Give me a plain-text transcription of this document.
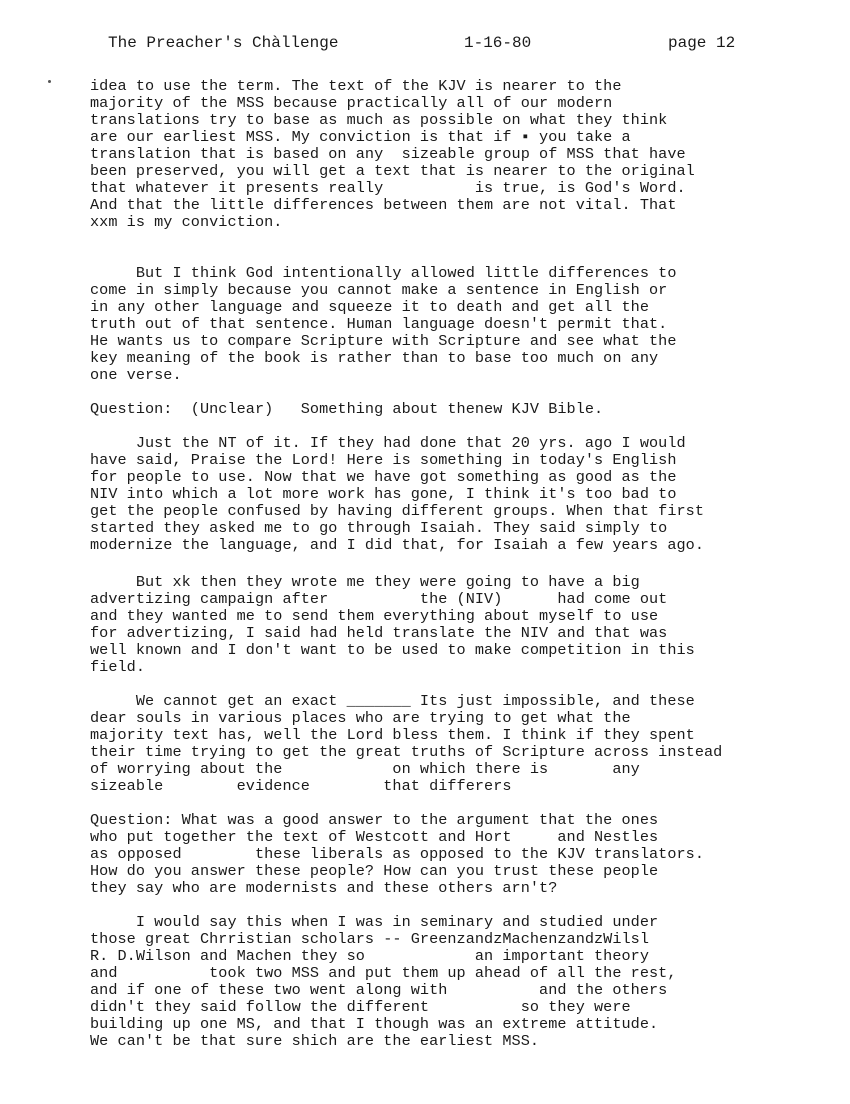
The Preacher's Chàllenge	1-16-80	page 12
idea to use the term. The text of the KJV is nearer to the
majority of the MSS because practically all of our modern
translations try to base as much as possible on what they think
are our earliest MSS. My conviction is that if ▪ you take a
translation that is based on any  sizeable group of MSS that have
been preserved, you will get a text that is nearer to the original
that whatever it presents really          is true, is God's Word.
And that the little differences between them are not vital. That
xxm is my conviction.
But I think God intentionally allowed little differences to
come in simply because you cannot make a sentence in English or
in any other language and squeeze it to death and get all the
truth out of that sentence. Human language doesn't permit that.
He wants us to compare Scripture with Scripture and see what the
key meaning of the book is rather than to base too much on any
one verse.
Question:  (Unclear)   Something about thenew KJV Bible.
Just the NT of it. If they had done that 20 yrs. ago I would
have said, Praise the Lord! Here is something in today's English
for people to use. Now that we have got something as good as the
NIV into which a lot more work has gone, I think it's too bad to
get the people confused by having different groups. When that first
started they asked me to go through Isaiah. They said simply to
modernize the language, and I did that, for Isaiah a few years ago.
But xk then they wrote me they were going to have a big
advertizing campaign after          the (NIV)      had come out
and they wanted me to send them everything about myself to use
for advertizing, I said had held translate the NIV and that was
well known and I don't want to be used to make competition in this
field.
We cannot get an exact _______ Its just impossible, and these
dear souls in various places who are trying to get what the
majority text has, well the Lord bless them. I think if they spent
their time trying to get the great truths of Scripture across instead
of worrying about the            on which there is       any
sizeable        evidence        that differers
Question: What was a good answer to the argument that the ones
who put together the text of Westcott and Hort     and Nestles
as opposed        these liberals as opposed to the KJV translators.
How do you answer these people? How can you trust these people
they say who are modernists and these others arn't?
I would say this when I was in seminary and studied under
those great Chrristian scholars -- GreenzandzMachenzandzWilsl
R. D.Wilson and Machen they so            an important theory
and          took two MSS and put them up ahead of all the rest,
and if one of these two went along with          and the others
didn't they said follow the different          so they were
building up one MS, and that I though was an extreme attitude.
We can't be that sure shich are the earliest MSS.
